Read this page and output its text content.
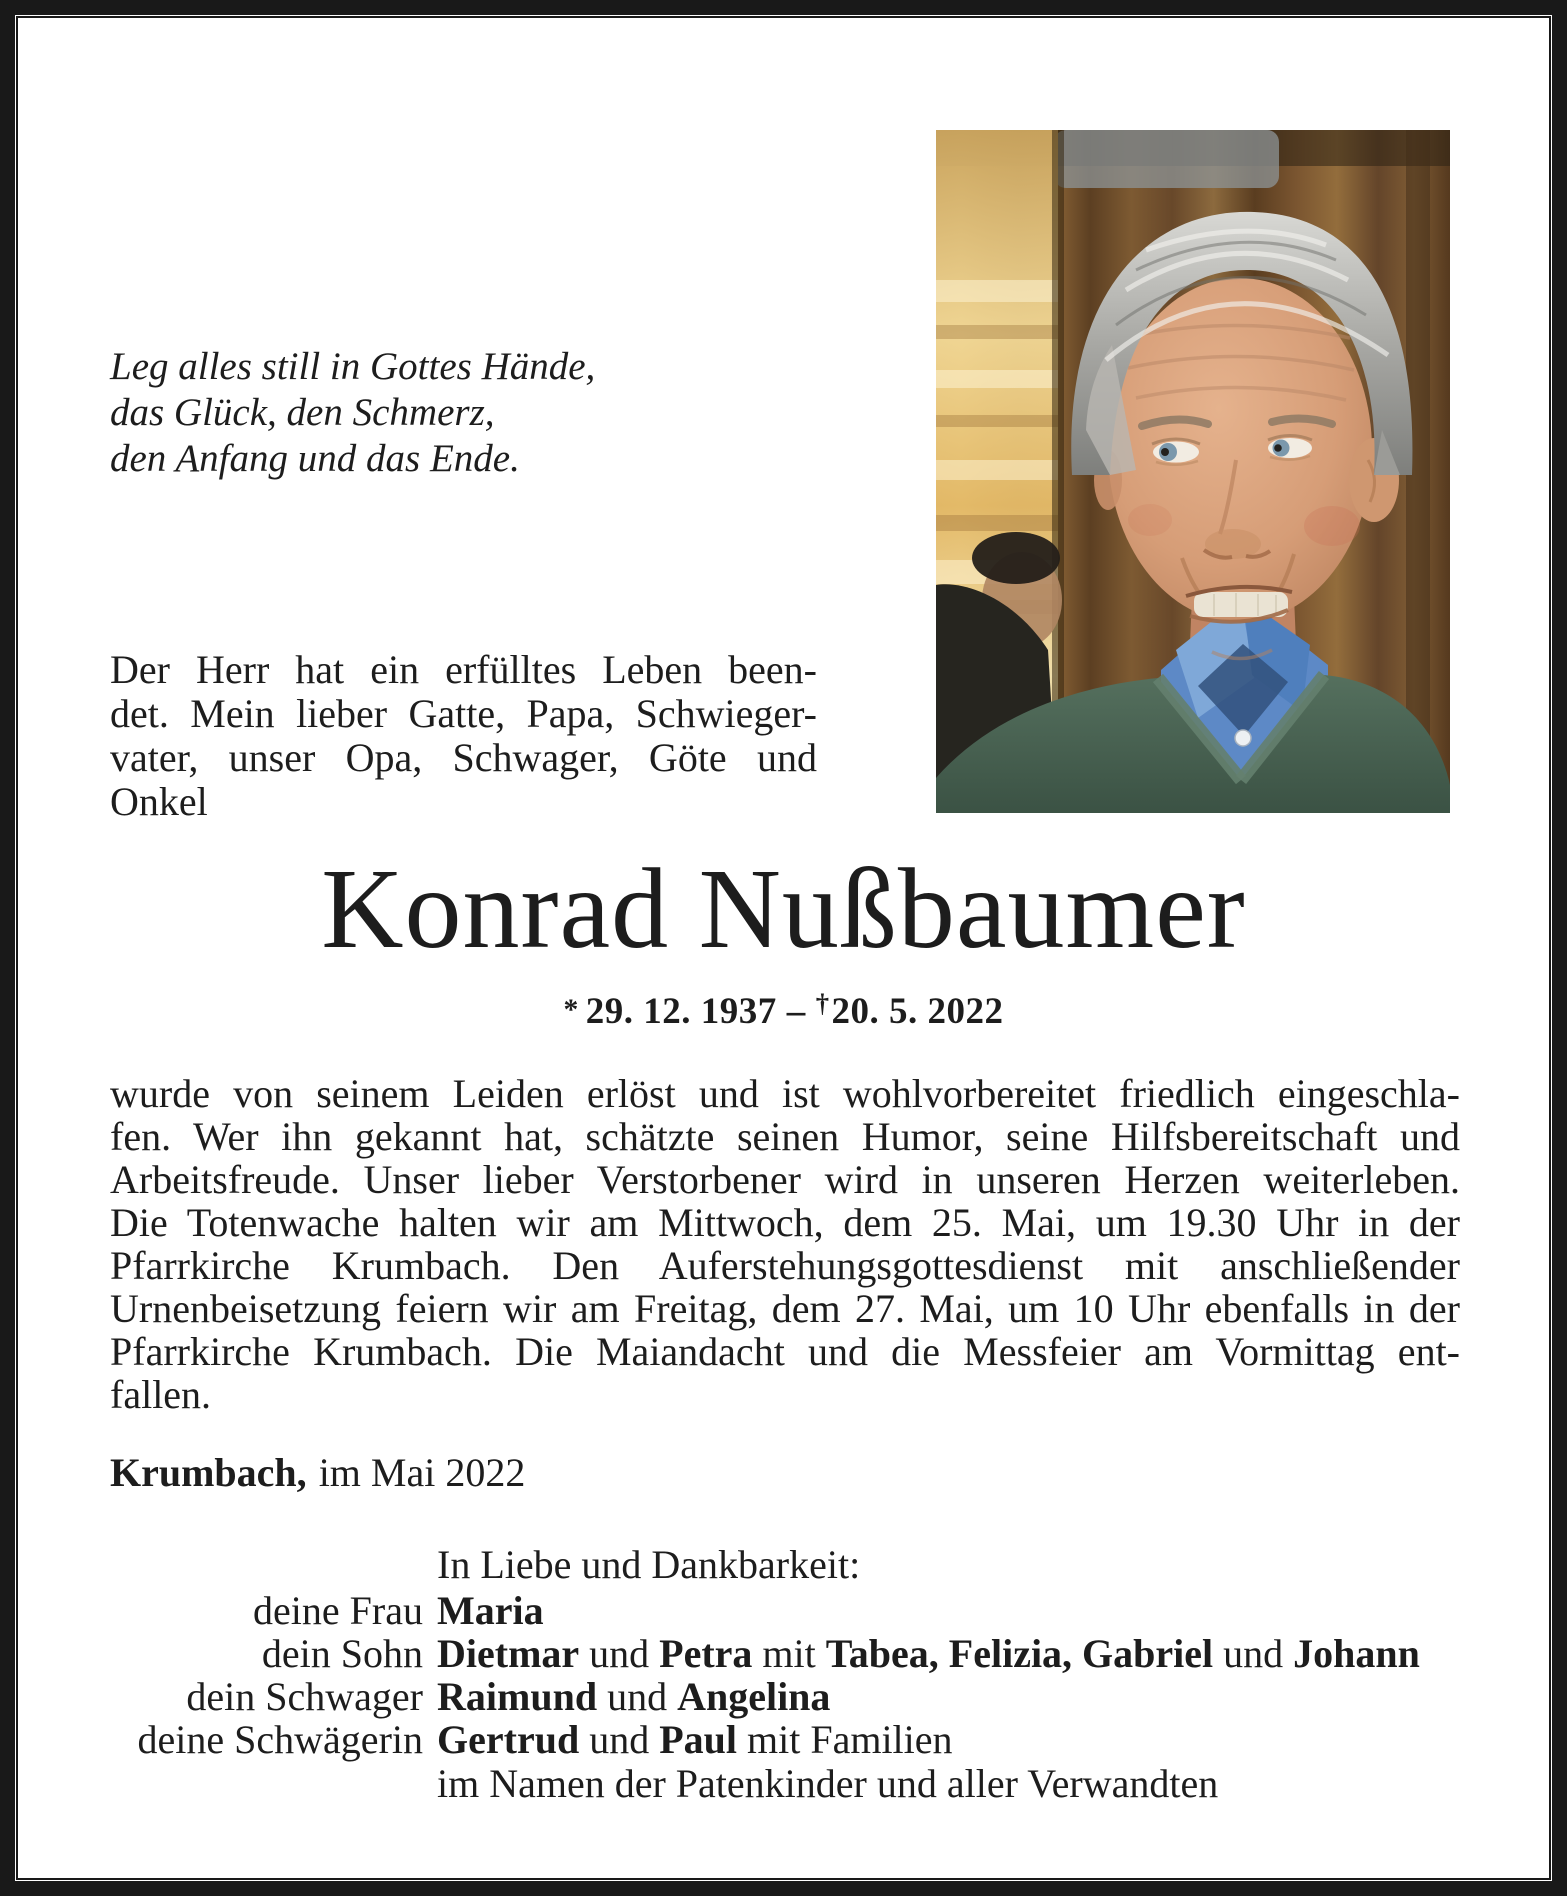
Leg alles still in Gottes Hände,
das Glück, den Schmerz,
den Anfang und das Ende.
Der Herr hat ein erfülltes Leben been-
det. Mein lieber Gatte, Papa, Schwieger-
vater, unser Opa, Schwager, Göte und
Onkel
Konrad Nußbaumer
* 29. 12. 1937 – †20. 5. 2022
wurde von seinem Leiden erlöst und ist wohlvorbereitet friedlich eingeschla-
fen. Wer ihn gekannt hat, schätzte seinen Humor, seine Hilfsbereitschaft und
Arbeitsfreude. Unser lieber Verstorbener wird in unseren Herzen weiterleben.
Die Totenwache halten wir am Mittwoch, dem 25. Mai, um 19.30 Uhr in der
Pfarrkirche Krumbach. Den Auferstehungsgottesdienst mit anschließender
Urnenbeisetzung feiern wir am Freitag, dem 27. Mai, um 10 Uhr ebenfalls in der
Pfarrkirche Krumbach. Die Maiandacht und die Messfeier am Vormittag ent-
fallen.
Krumbach, im Mai 2022
In Liebe und Dankbarkeit:
deine Frau Maria
dein Sohn Dietmar und Petra mit Tabea, Felizia, Gabriel und Johann
dein Schwager Raimund und Angelina
deine Schwägerin Gertrud und Paul mit Familien
im Namen der Patenkinder und aller Verwandten
